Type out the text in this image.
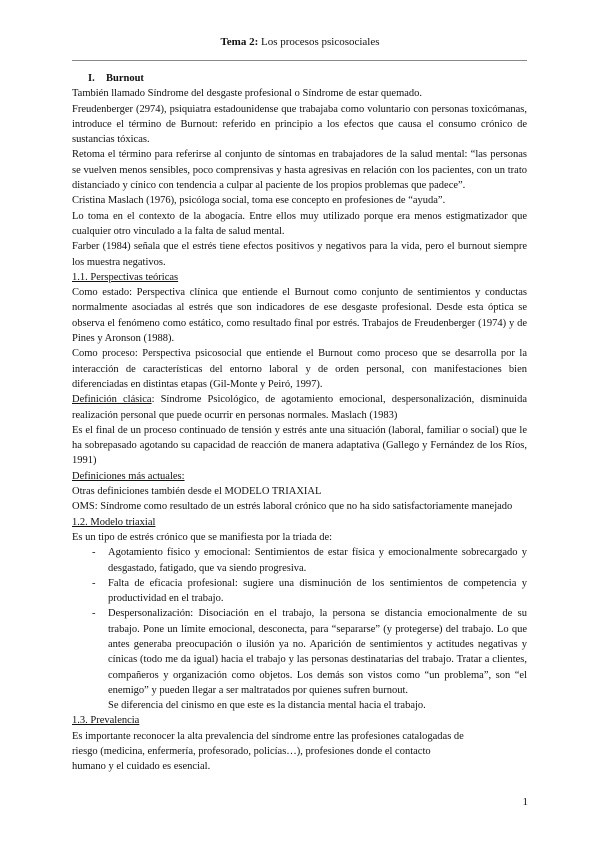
Tema 2: Los procesos psicosociales

I. Burnout

También llamado Síndrome del desgaste profesional o Síndrome de estar quemado.

Freudenberger (2974), psiquiatra estadounidense que trabajaba como voluntario con personas toxicómanas, introduce el término de Burnout: referido en principio a los efectos que causa el consumo crónico de sustancias tóxicas.

Retoma el término para referirse al conjunto de síntomas en trabajadores de la salud mental: “las personas se vuelven menos sensibles, poco comprensivas y hasta agresivas en relación con los pacientes, con un trato distanciado y cínico con tendencia a culpar al paciente de los propios problemas que padece”.

Cristina Maslach (1976), psicóloga social, toma ese concepto en profesiones de “ayuda”.

Lo toma en el contexto de la abogacía. Entre ellos muy utilizado porque era menos estigmatizador que cualquier otro vinculado a la falta de salud mental.

Farber (1984) señala que el estrés tiene efectos positivos y negativos para la vida, pero el burnout siempre los muestra negativos.

1.1. Perspectivas teóricas

Como estado: Perspectiva clínica que entiende el Burnout como conjunto de sentimientos y conductas normalmente asociadas al estrés que son indicadores de ese desgaste profesional. Desde esta óptica se observa el fenómeno como estático, como resultado final por estrés. Trabajos de Freudenberger (1974) y de Pines y Aronson (1988).

Como proceso: Perspectiva psicosocial que entiende el Burnout como proceso que se desarrolla por la interacción de características del entorno laboral y de orden personal, con manifestaciones bien diferenciadas en distintas etapas (Gil-Monte y Peiró, 1997).

Definición clásica: Síndrome Psicológico, de agotamiento emocional, despersonalización, disminuida realización personal que puede ocurrir en personas normales. Maslach (1983)

Es el final de un proceso continuado de tensión y estrés ante una situación (laboral, familiar o social) que le ha sobrepasado agotando su capacidad de reacción de manera adaptativa (Gallego y Fernández de los Ríos, 1991)

Definiciones más actuales:

Otras definiciones también desde el MODELO TRIAXIAL

OMS: Síndrome como resultado de un estrés laboral crónico que no ha sido satisfactoriamente manejado

1.2. Modelo triaxial

Es un tipo de estrés crónico que se manifiesta por la triada de:

- Agotamiento físico y emocional: Sentimientos de estar física y emocionalmente sobrecargado y desgastado, fatigado, que va siendo progresiva.
- Falta de eficacia profesional: sugiere una disminución de los sentimientos de competencia y productividad en el trabajo.
- Despersonalización: Disociación en el trabajo, la persona se distancia emocionalmente de su trabajo. Pone un límite emocional, desconecta, para “separarse” (y protegerse) del trabajo. Lo que antes generaba preocupación o ilusión ya no. Aparición de sentimientos y actitudes negativas y cínicas (todo me da igual) hacia el trabajo y las personas destinatarias del trabajo. Tratar a clientes, compañeros y organización como objetos. Los demás son vistos como “un problema”, son “el enemigo” y pueden llegar a ser maltratados por quienes sufren burnout.

Se diferencia del cinismo en que este es la distancia mental hacia el trabajo.

1.3. Prevalencia

Es importante reconocer la alta prevalencia del síndrome entre las profesiones catalogadas de riesgo (medicina, enfermería, profesorado, policías…), profesiones donde el contacto humano y el cuidado es esencial.

1
